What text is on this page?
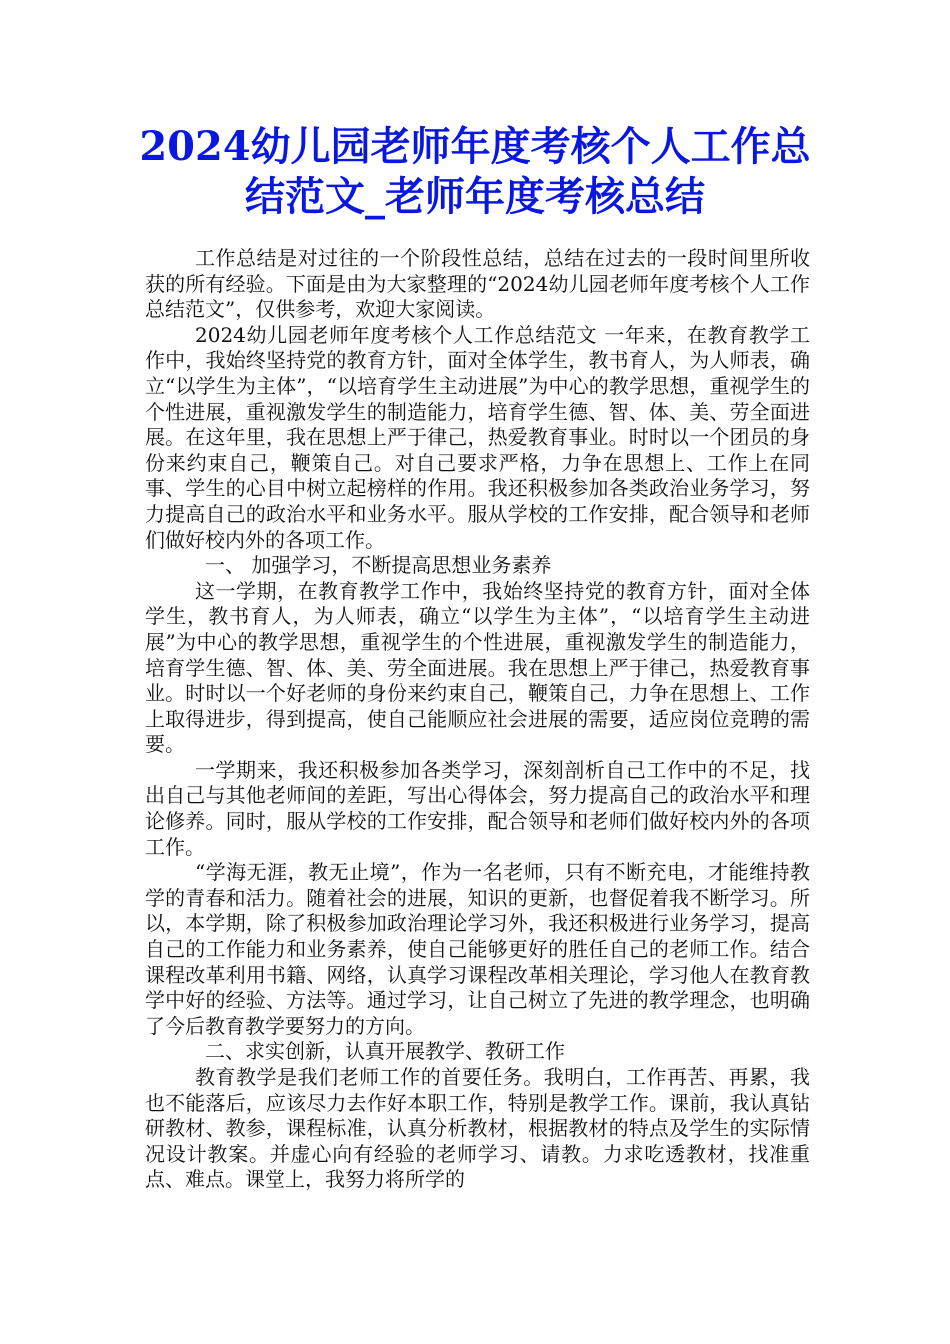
2024幼儿园老师年度考核个人工作总结范文_老师年度考核总结

工作总结是对过往的一个阶段性总结，总结在过去的一段时间里所收获的所有经验。下面是由为大家整理的“2024幼儿园老师年度考核个人工作总结范文”，仅供参考，欢迎大家阅读。

2024幼儿园老师年度考核个人工作总结范文 一年来，在教育教学工作中，我始终坚持党的教育方针，面对全体学生，教书育人，为人师表，确立“以学生为主体”，“以培育学生主动进展”为中心的教学思想，重视学生的个性进展，重视激发学生的制造能力，培育学生德、智、体、美、劳全面进展。在这年里，我在思想上严于律己，热爱教育事业。时时以一个团员的身份来约束自己，鞭策自己。对自己要求严格，力争在思想上、工作上在同事、学生的心目中树立起榜样的作用。我还积极参加各类政治业务学习，努力提高自己的政治水平和业务水平。服从学校的工作安排，配合领导和老师们做好校内外的各项工作。

一、 加强学习，不断提高思想业务素养

这一学期，在教育教学工作中，我始终坚持党的教育方针，面对全体学生，教书育人，为人师表，确立“以学生为主体”，“以培育学生主动进展”为中心的教学思想，重视学生的个性进展，重视激发学生的制造能力，培育学生德、智、体、美、劳全面进展。我在思想上严于律己，热爱教育事业。时时以一个好老师的身份来约束自己，鞭策自己，力争在思想上、工作上取得进步，得到提高，使自己能顺应社会进展的需要，适应岗位竞聘的需要。

一学期来，我还积极参加各类学习，深刻剖析自己工作中的不足，找出自己与其他老师间的差距，写出心得体会，努力提高自己的政治水平和理论修养。同时，服从学校的工作安排，配合领导和老师们做好校内外的各项工作。

“学海无涯，教无止境”，作为一名老师，只有不断充电，才能维持教学的青春和活力。随着社会的进展，知识的更新，也督促着我不断学习。所以，本学期，除了积极参加政治理论学习外，我还积极进行业务学习，提高自己的工作能力和业务素养，使自己能够更好的胜任自己的老师工作。结合课程改革利用书籍、网络，认真学习课程改革相关理论，学习他人在教育教学中好的经验、方法等。通过学习，让自己树立了先进的教学理念，也明确了今后教育教学要努力的方向。

二、求实创新，认真开展教学、教研工作

教育教学是我们老师工作的首要任务。我明白，工作再苦、再累，我也不能落后，应该尽力去作好本职工作，特别是教学工作。课前，我认真钻研教材、教参，课程标准，认真分析教材，根据教材的特点及学生的实际情况设计教案。并虚心向有经验的老师学习、请教。力求吃透教材，找准重点、难点。课堂上，我努力将所学的
